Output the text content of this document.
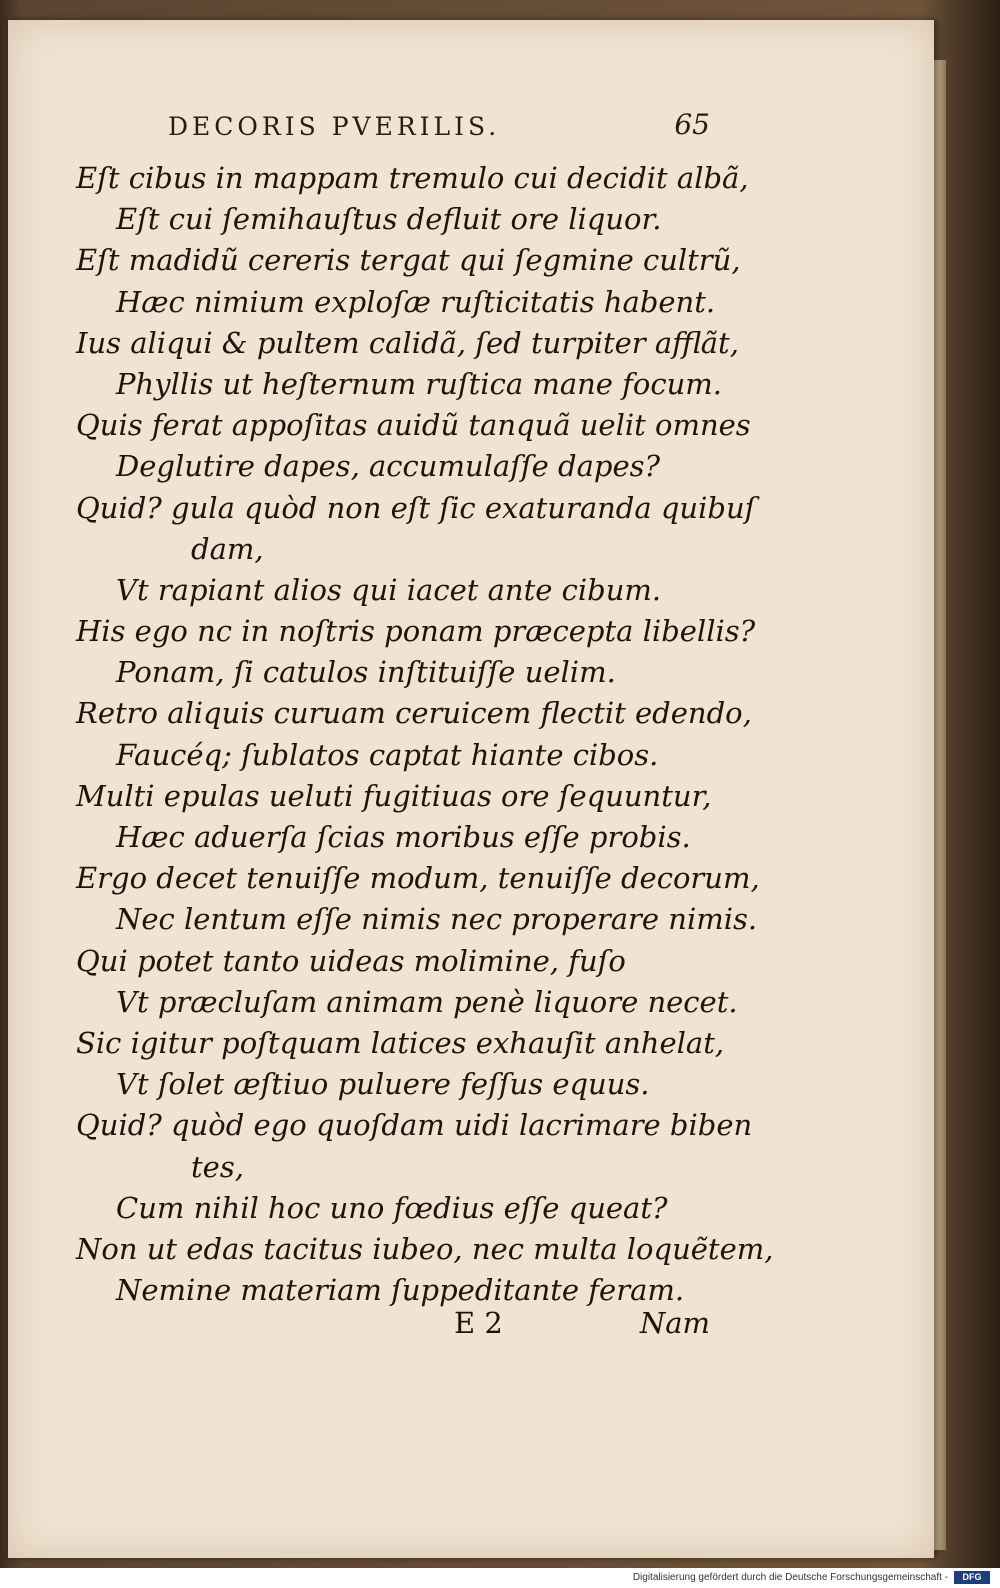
DECORIS PVERILIS.	65
Eſt cibus in mappam tremulo cui decidit albã,
Eſt cui ſemihauſtus defluit ore liquor.
Eſt madidũ cereris tergat qui ſegmine cultrũ,
Hæc nimium exploſæ ruſticitatis habent.
Ius aliqui & pultem calidã, ſed turpiter afflãt,
Phyllis ut heſternum ruſtica mane focum.
Quis ferat appoſitas auidũ tanquã uelit omnes
Deglutire dapes, accumulaſſe dapes?
Quid? gula quòd non eſt ſic exaturanda quibuſ
dam,
Vt rapiant alios qui iacet ante cibum.
His ego nc in noſtris ponam præcepta libellis?
Ponam, ſi catulos inſtituiſſe uelim.
Retro aliquis curuam ceruicem flectit edendo,
Faucéq; ſublatos captat hiante cibos.
Multi epulas ueluti fugitiuas ore ſequuntur,
Hæc aduerſa ſcias moribus eſſe probis.
Ergo decet tenuiſſe modum, tenuiſſe decorum,
Nec lentum eſſe nimis nec properare nimis.
Qui potet tanto uideas molimine, fuſo
Vt præcluſam animam penè liquore necet.
Sic igitur poſtquam latices exhauſit anhelat,
Vt ſolet æſtiuo puluere feſſus equus.
Quid? quòd ego quoſdam uidi lacrimare biben
tes,
Cum nihil hoc uno fœdius eſſe queat?
Non ut edas tacitus iubeo, nec multa loquẽtem,
Nemine materiam ſuppeditante feram.
E 2	Nam
Digitalisierung gefördert durch die Deutsche Forschungsgemeinschaft -	DFG
